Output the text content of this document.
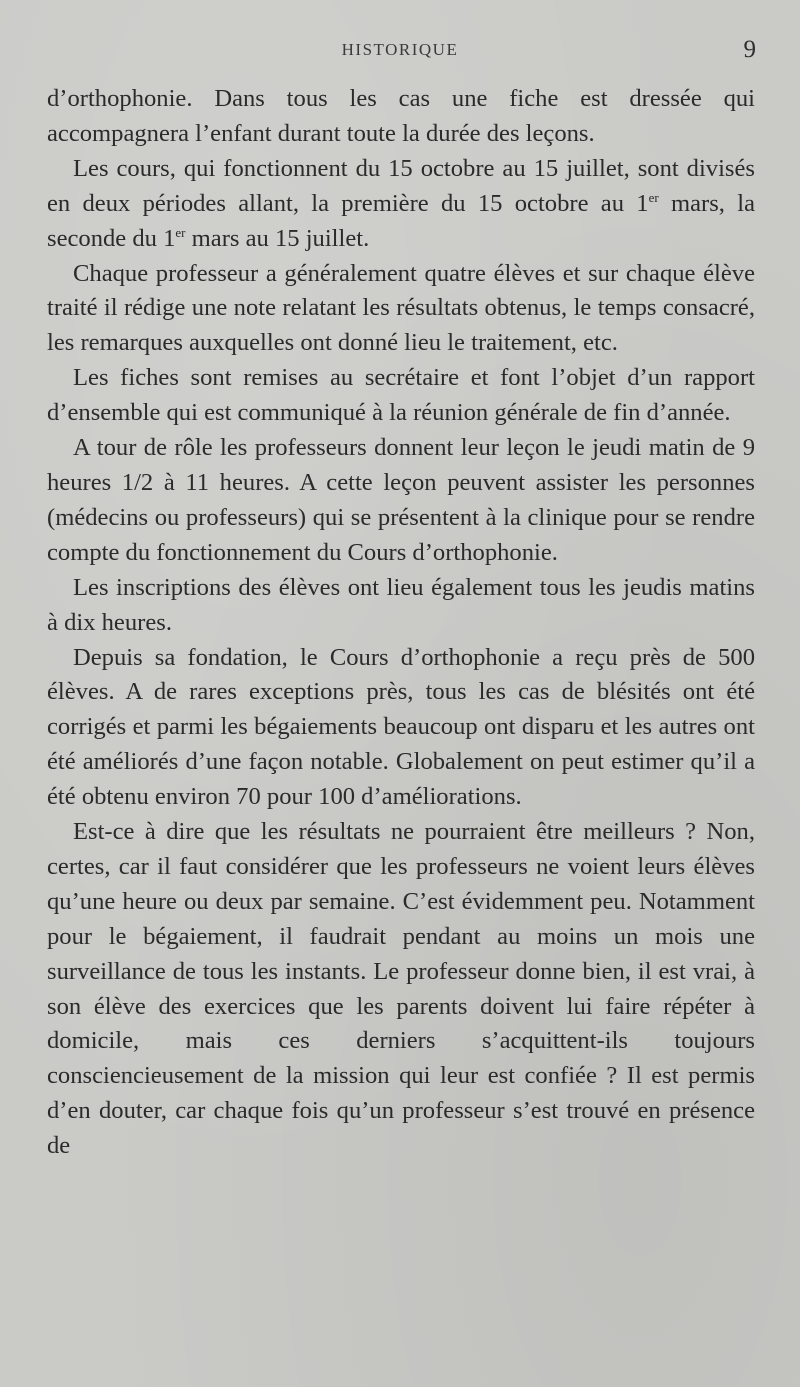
HISTORIQUE	9

d’orthophonie. Dans tous les cas une fiche est dressée qui accompagnera l’enfant durant toute la durée des leçons.

Les cours, qui fonctionnent du 15 octobre au 15 juillet, sont divisés en deux périodes allant, la première du 15 octobre au 1er mars, la seconde du 1er mars au 15 juillet.

Chaque professeur a généralement quatre élèves et sur chaque élève traité il rédige une note relatant les résultats obtenus, le temps consacré, les remarques auxquelles ont donné lieu le traitement, etc.

Les fiches sont remises au secrétaire et font l’objet d’un rapport d’ensemble qui est communiqué à la réunion générale de fin d’année.

A tour de rôle les professeurs donnent leur leçon le jeudi matin de 9 heures 1/2 à 11 heures. A cette leçon peuvent assister les personnes (médecins ou professeurs) qui se présentent à la clinique pour se rendre compte du fonctionnement du Cours d’orthophonie.

Les inscriptions des élèves ont lieu également tous les jeudis matins à dix heures.

Depuis sa fondation, le Cours d’orthophonie a reçu près de 500 élèves. A de rares exceptions près, tous les cas de blésités ont été corrigés et parmi les bégaiements beaucoup ont disparu et les autres ont été améliorés d’une façon notable. Globalement on peut estimer qu’il a été obtenu environ 70 pour 100 d’améliorations.

Est-ce à dire que les résultats ne pourraient être meilleurs ? Non, certes, car il faut considérer que les professeurs ne voient leurs élèves qu’une heure ou deux par semaine. C’est évidemment peu. Notamment pour le bégaiement, il faudrait pendant au moins un mois une surveillance de tous les instants. Le professeur donne bien, il est vrai, à son élève des exercices que les parents doivent lui faire répéter à domicile, mais ces derniers s’acquittent-ils toujours consciencieusement de la mission qui leur est confiée ? Il est permis d’en douter, car chaque fois qu’un professeur s’est trouvé en présence de
